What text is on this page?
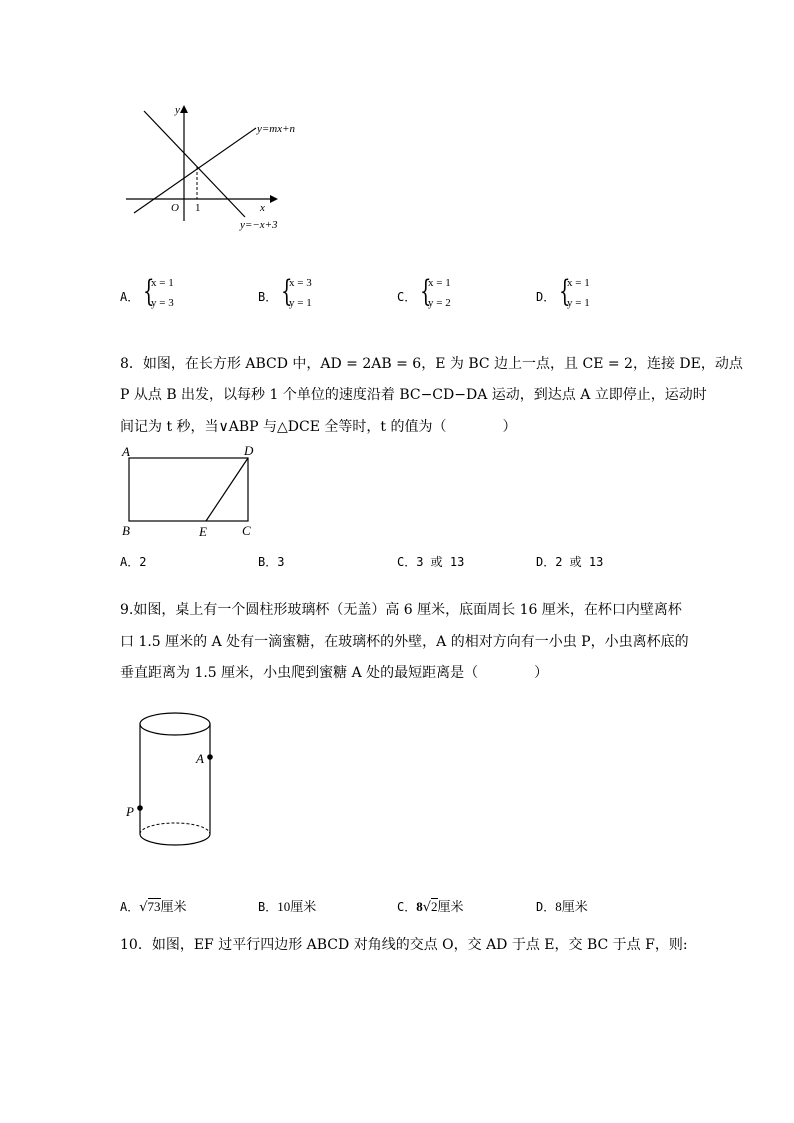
y
x
O 1
y=mx+n
y=−x+3
A． {
x = 1
y = 3	B． {
x = 3
y = 1	C． {
x = 1
y = 2	D． {
x = 1
y = 1
8．如图，在长方形 ABCD 中，AD = 2AB = 6，E 为 BC 边上一点，且 CE = 2，连接 DE，动点
P 从点 B 出发，以每秒 1 个单位的速度沿着 BC−CD−DA 运动，到达点 A 立即停止，运动时
间记为 t 秒，当∨ABP 与△DCE 全等时，t 的值为（　　　　）
A	D
B	E	C
A．2	B．3	C．3 或 13	D．2 或 13
9.如图，桌上有一个圆柱形玻璃杯（无盖）高 6 厘米，底面周长 16 厘米，在杯口内壁离杯
口 1.5 厘米的 A 处有一滴蜜糖，在玻璃杯的外壁，A 的相对方向有一小虫 P，小虫离杯底的
垂直距离为 1.5 厘米，小虫爬到蜜糖 A 处的最短距离是（　　　　）
A
P
A．√73厘米	B．10厘米	C．8√2厘米	D．8厘米
10．如图，EF 过平行四边形 ABCD 对角线的交点 O，交 AD 于点 E，交 BC 于点 F，则:
